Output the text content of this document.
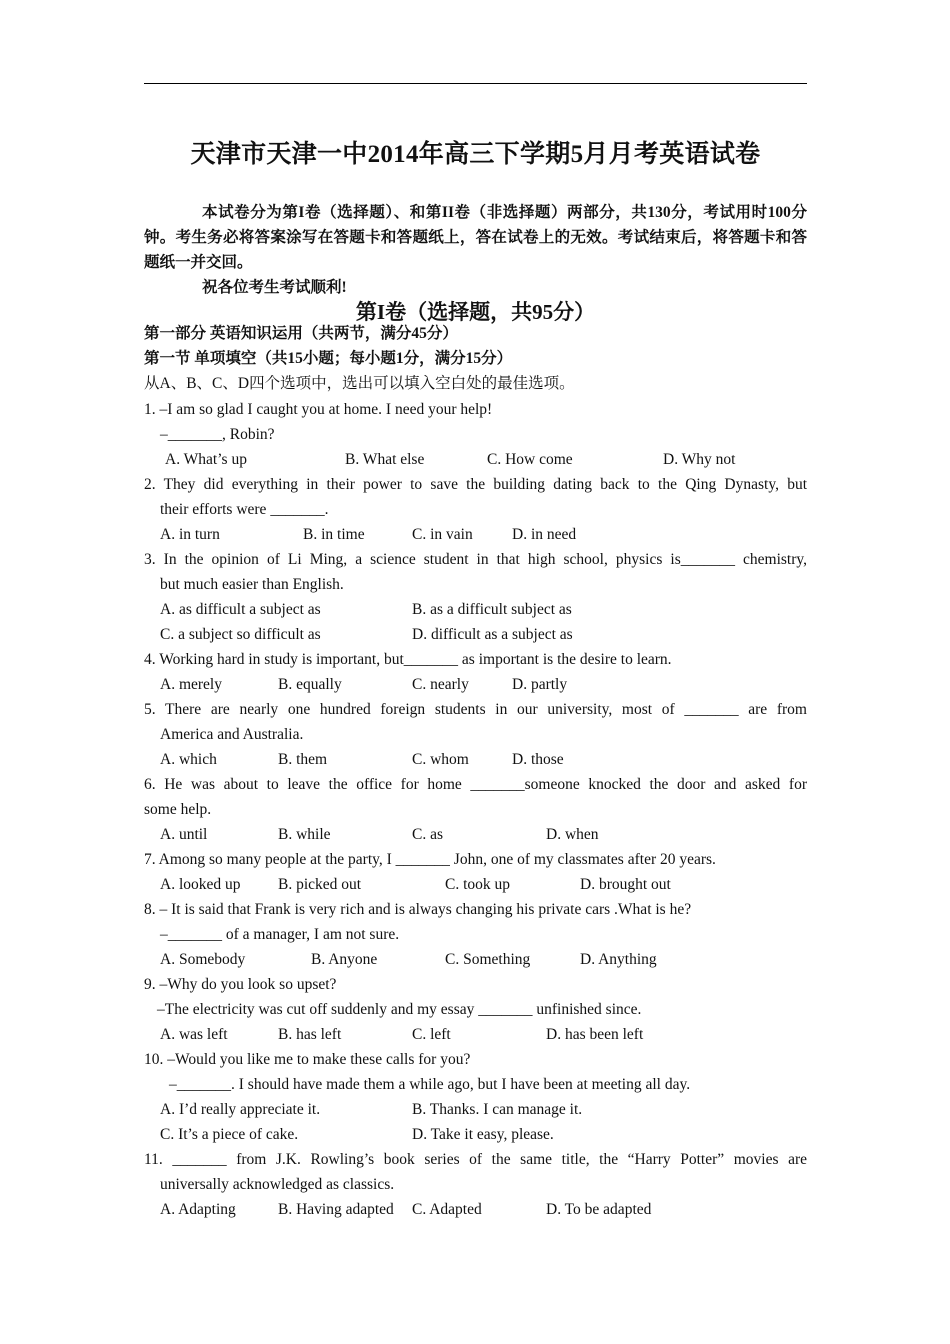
天津市天津一中2014年高三下学期5月月考英语试卷

本试卷分为第I卷（选择题）、和第II卷（非选择题）两部分，共130分，考试用时100分钟。考生务必将答案涂写在答题卡和答题纸上，答在试卷上的无效。考试结束后，将答题卡和答题纸一并交回。

祝各位考生考试顺利!

第I卷（选择题，共95分）
第一部分 英语知识运用（共两节，满分45分）
第一节 单项填空（共15小题；每小题1分，满分15分）
从A、B、C、D四个选项中，选出可以填入空白处的最佳选项。
1. –I am so glad I caught you at home. I need your help!
–_______, Robin?
A. What’s up	B. What else	C. How come	D. Why not
2. They did everything in their power to save the building dating back to the Qing Dynasty, but
their efforts were _______.
A. in turn	B. in time	C. in vain	D. in need
3. In the opinion of Li Ming, a science student in that high school, physics is_______ chemistry,
but much easier than English.
A. as difficult a subject as	B. as a difficult subject as
C. a subject so difficult as	D. difficult as a subject as
4. Working hard in study is important, but_______ as important is the desire to learn.
A. merely	B. equally	C. nearly	D. partly
5. There are nearly one hundred foreign students in our university, most of _______ are from
America and Australia.
A. which	B. them	C. whom	D. those
6. He was about to leave the office for home _______someone knocked the door and asked for
some help.
A. until	B. while	C. as	D. when
7. Among so many people at the party, I _______ John, one of my classmates after 20 years.
A. looked up B. picked out	C. took up	D. brought out
8. – It is said that Frank is very rich and is always changing his private cars .What is he?
–_______ of a manager, I am not sure.
A. Somebody	B. Anyone	C. Something	D. Anything
9. –Why do you look so upset?
–The electricity was cut off suddenly and my essay _______ unfinished since.
A. was left	B. has left	C. left	D. has been left
10. –Would you like me to make these calls for you?
–_______. I should have made them a while ago, but I have been at meeting all day.
A. I’d really appreciate it.	B. Thanks. I can manage it.
C. It’s a piece of cake.	D. Take it easy, please.
11. _______ from J.K. Rowling’s book series of the same title, the “Harry Potter” movies are
universally acknowledged as classics.
A. Adapting	B. Having adapted C. Adapted	D. To be adapted
